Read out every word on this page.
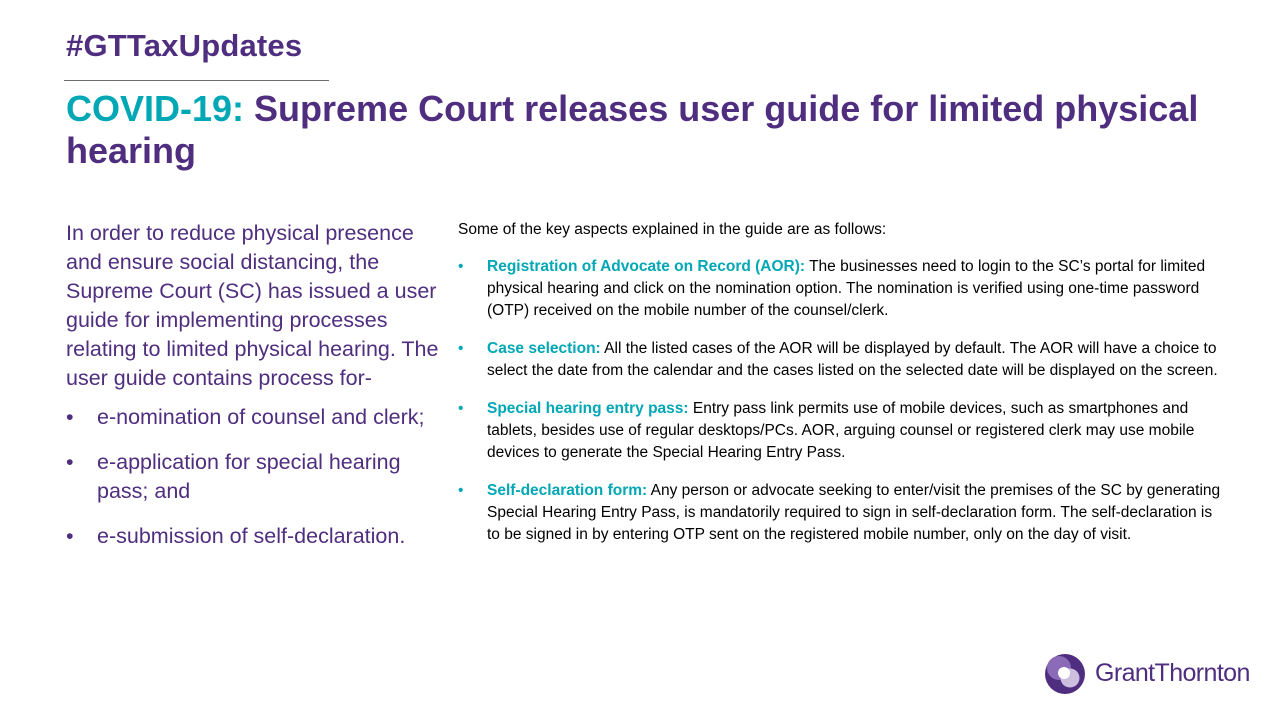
#GTTaxUpdates
COVID-19: Supreme Court releases user guide for limited physical hearing

In order to reduce physical presence and ensure social distancing, the Supreme Court (SC) has issued a user guide for implementing processes relating to limited physical hearing. The user guide contains process for-

• e-nomination of counsel and clerk;
• e-application for special hearing pass; and
• e-submission of self-declaration.

Some of the key aspects explained in the guide are as follows:

• Registration of Advocate on Record (AOR): The businesses need to login to the SC’s portal for limited physical hearing and click on the nomination option. The nomination is verified using one-time password (OTP) received on the mobile number of the counsel/clerk.
• Case selection: All the listed cases of the AOR will be displayed by default. The AOR will have a choice to select the date from the calendar and the cases listed on the selected date will be displayed on the screen.
• Special hearing entry pass: Entry pass link permits use of mobile devices, such as smartphones and tablets, besides use of regular desktops/PCs. AOR, arguing counsel or registered clerk may use mobile devices to generate the Special Hearing Entry Pass.
• Self-declaration form: Any person or advocate seeking to enter/visit the premises of the SC by generating Special Hearing Entry Pass, is mandatorily required to sign in self-declaration form. The self-declaration is to be signed in by entering OTP sent on the registered mobile number, only on the day of visit.
GrantThornton
